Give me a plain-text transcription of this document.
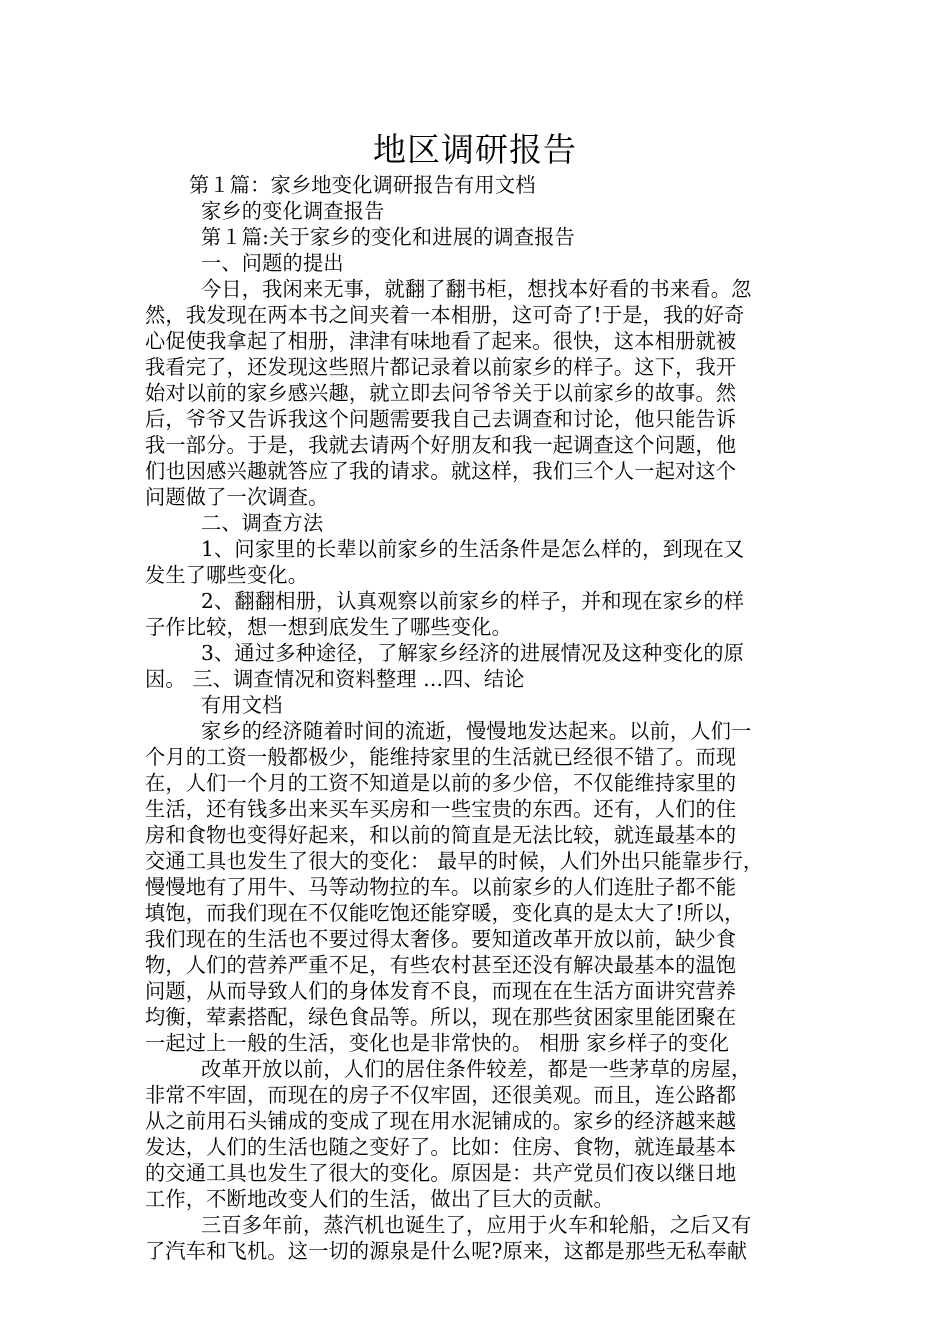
地区调研报告
第１篇：家乡地变化调研报告有用文档
家乡的变化调查报告
第１篇:关于家乡的变化和进展的调查报告
一、问题的提出
今日，我闲来无事，就翻了翻书柜，想找本好看的书来看。忽
然，我发现在两本书之间夹着一本相册，这可奇了!于是，我的好奇
心促使我拿起了相册，津津有味地看了起来。很快，这本相册就被
我看完了，还发现这些照片都记录着以前家乡的样子。这下，我开
始对以前的家乡感兴趣，就立即去问爷爷关于以前家乡的故事。然
后，爷爷又告诉我这个问题需要我自己去调查和讨论，他只能告诉
我一部分。于是，我就去请两个好朋友和我一起调查这个问题，他
们也因感兴趣就答应了我的请求。就这样，我们三个人一起对这个
问题做了一次调查。
二、调查方法
1、问家里的长辈以前家乡的生活条件是怎么样的，到现在又
发生了哪些变化。
2、翻翻相册，认真观察以前家乡的样子，并和现在家乡的样
子作比较，想一想到底发生了哪些变化。
3、通过多种途径，了解家乡经济的进展情况及这种变化的原
因。 三、调查情况和资料整理 ...四、结论
有用文档
家乡的经济随着时间的流逝，慢慢地发达起来。以前，人们一
个月的工资一般都极少，能维持家里的生活就已经很不错了。而现
在，人们一个月的工资不知道是以前的多少倍，不仅能维持家里的
生活，还有钱多出来买车买房和一些宝贵的东西。还有，人们的住
房和食物也变得好起来，和以前的简直是无法比较，就连最基本的
交通工具也发生了很大的变化： 最早的时候，人们外出只能靠步行，
慢慢地有了用牛、马等动物拉的车。以前家乡的人们连肚子都不能
填饱，而我们现在不仅能吃饱还能穿暖，变化真的是太大了!所以，
我们现在的生活也不要过得太奢侈。要知道改革开放以前，缺少食
物，人们的营养严重不足，有些农村甚至还没有解决最基本的温饱
问题，从而导致人们的身体发育不良，而现在在生活方面讲究营养
均衡，荤素搭配，绿色食品等。所以，现在那些贫困家里能团聚在
一起过上一般的生活，变化也是非常快的。 相册 家乡样子的变化
改革开放以前，人们的居住条件较差，都是一些茅草的房屋，
非常不牢固，而现在的房子不仅牢固，还很美观。而且，连公路都
从之前用石头铺成的变成了现在用水泥铺成的。家乡的经济越来越
发达，人们的生活也随之变好了。比如：住房、食物，就连最基本
的交通工具也发生了很大的变化。原因是：共产党员们夜以继日地
工作，不断地改变人们的生活，做出了巨大的贡献。
三百多年前，蒸汽机也诞生了，应用于火车和轮船，之后又有
了汽车和飞机。这一切的源泉是什么呢?原来，这都是那些无私奉献
